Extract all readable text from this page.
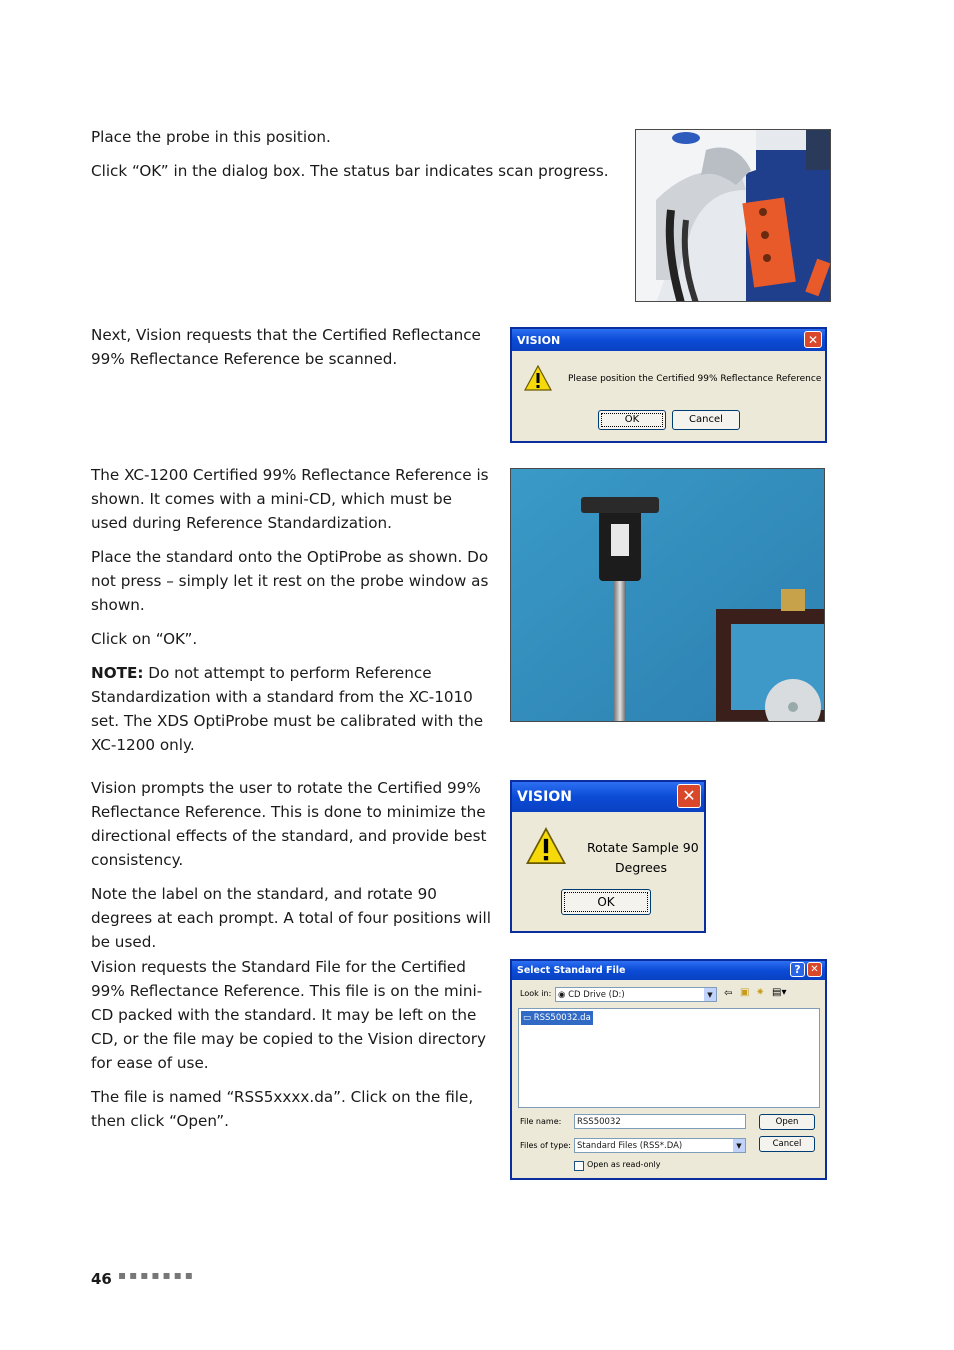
Place the probe in this position.

Click “OK” in the dialog box. The status bar indicates scan progress.

Next, Vision requests that the Certified Reflectance 99% Reflectance Reference be scanned.

VISION	✕
Please position the Certified 99% Reflectance Reference
OK	Cancel

The XC-1200 Certified 99% Reflectance Reference is shown. It comes with a mini-CD, which must be used during Reference Standardization.

Place the standard onto the OptiProbe as shown. Do not press – simply let it rest on the probe window as shown.

Click on “OK”.

NOTE: Do not attempt to perform Reference Standardization with a standard from the XC-1010 set. The XDS OptiProbe must be calibrated with the XC-1200 only.

Vision prompts the user to rotate the Certified 99% Reflectance Reference. This is done to minimize the directional effects of the standard, and provide best consistency.

Note the label on the standard, and rotate 90 degrees at each prompt. A total of four positions will be used.

VISION	✕
Rotate Sample 90
Degrees
OK

Vision requests the Standard File for the Certified 99% Reflectance Reference. This file is on the mini-CD packed with the standard. It may be left on the CD, or the file may be copied to the Vision directory for ease of use.

The file is named “RSS5xxxx.da”. Click on the file, then click “Open”.

Select Standard File	? ✕
Look in: ◉ CD Drive (D:)	▼	⇦ ▣ ✷ ▤▾
▭ RSS50032.da
File name:	RSS50032
Files of type: Standard Files (RSS*.DA)	▼
Open
Cancel
Open as read-only
46 ▪▪▪▪▪▪▪
